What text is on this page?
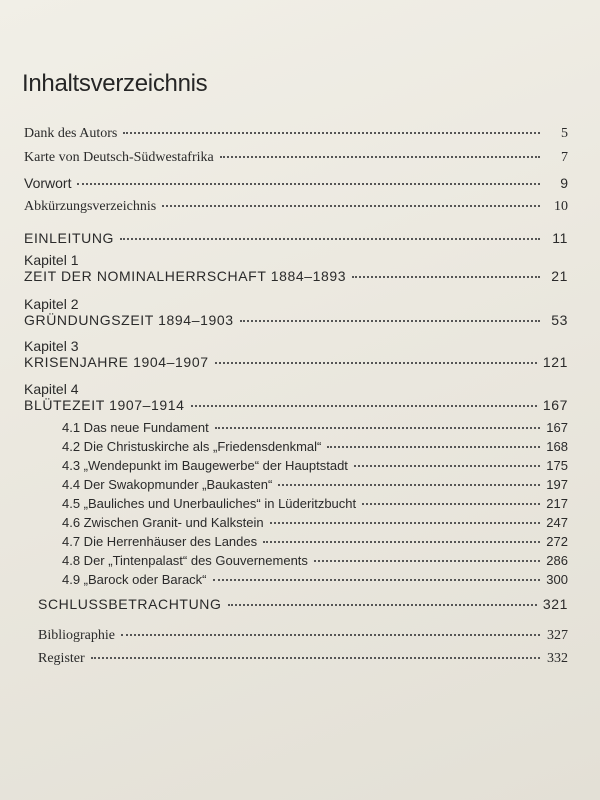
Inhaltsverzeichnis
Dank des Autors	5
Karte von Deutsch-Südwestafrika	7
Vorwort	9
Abkürzungsverzeichnis	10
EINLEITUNG	11
Kapitel 1
ZEIT DER NOMINALHERRSCHAFT 1884–1893	21
Kapitel 2
GRÜNDUNGSZEIT 1894–1903	53
Kapitel 3
KRISENJAHRE 1904–1907	121
Kapitel 4
BLÜTEZEIT 1907–1914	167
4.1 Das neue Fundament	167
4.2 Die Christuskirche als „Friedensdenkmal“	168
4.3 „Wendepunkt im Baugewerbe“ der Hauptstadt	175
4.4 Der Swakopmunder „Baukasten“	197
4.5 „Bauliches und Unerbauliches“ in Lüderitzbucht	217
4.6 Zwischen Granit- und Kalkstein	247
4.7 Die Herrenhäuser des Landes	272
4.8 Der „Tintenpalast“ des Gouvernements	286
4.9 „Barock oder Barack“	300
SCHLUSSBETRACHTUNG	321
Bibliographie	327
Register	332
